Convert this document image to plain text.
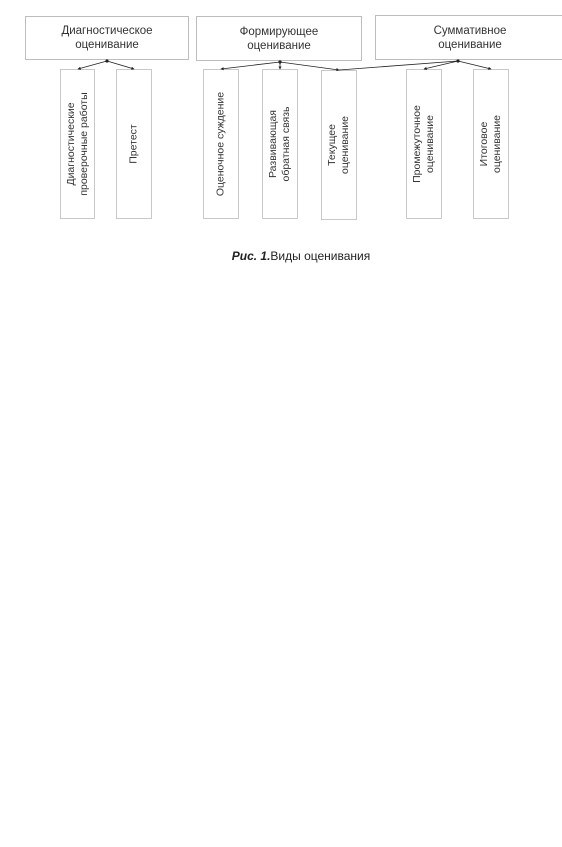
Диагностическое
оценивание
Формирующее
оценивание
Суммативное
оценивание
Диагностические
проверочные работы
Претест	Оценочное суждение	Развивающая
обратная связь
Текущее
оценивание	Промежуточное
оценивание	Итоговое
оценивание
Рис. 1.Виды оценивания
